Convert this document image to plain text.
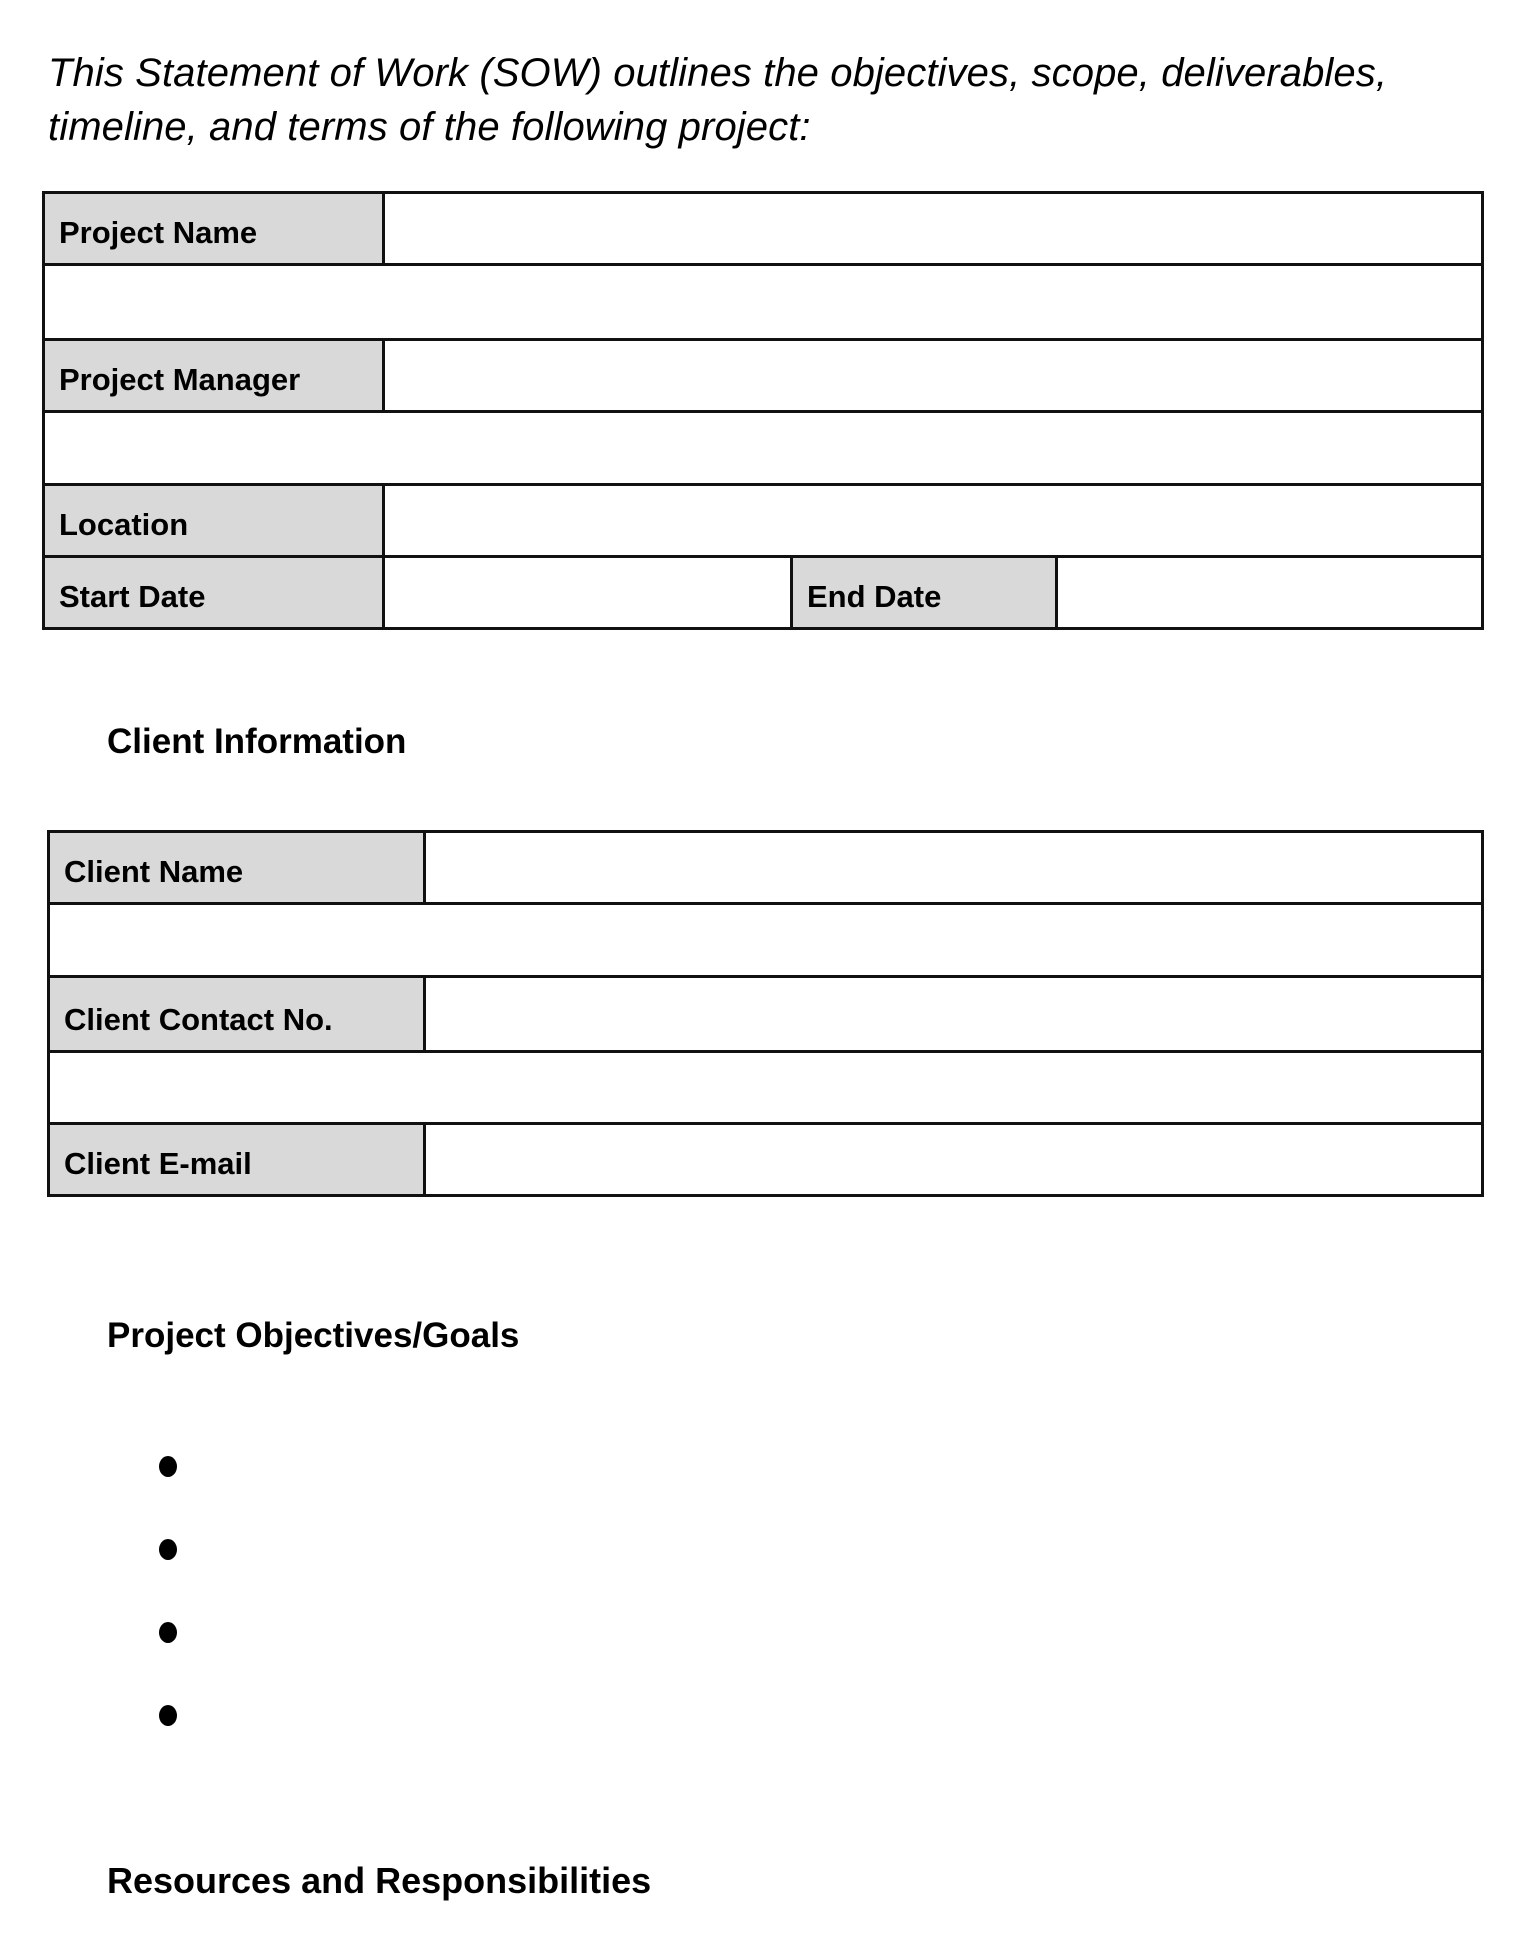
This Statement of Work (SOW) outlines the objectives, scope, deliverables,
timeline, and terms of the following project:

Project Name			

Project Manager			

Location			
Start Date		End Date	
Client Information
Client Name	

Client Contact No.	

Client E-mail	
Project Objectives/Goals
Resources and Responsibilities
